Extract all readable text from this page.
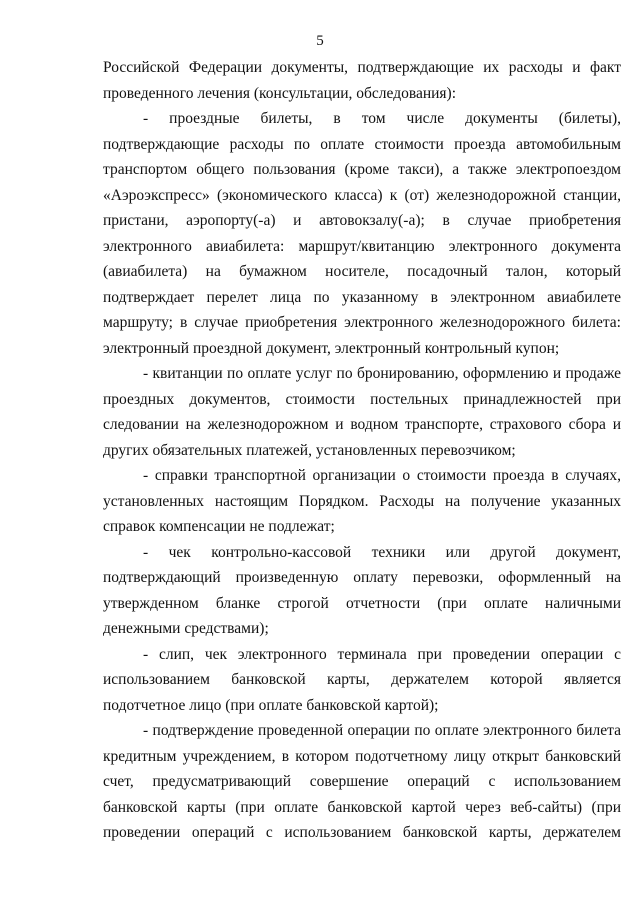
5
Российской Федерации документы, подтверждающие их расходы и факт
проведенного лечения (консультации, обследования):
- проездные билеты, в том числе документы (билеты),
подтверждающие расходы по оплате стоимости проезда автомобильным
транспортом общего пользования (кроме такси), а также электропоездом
«Аэроэкспресс» (экономического класса) к (от) железнодорожной станции,
пристани, аэропорту(-а) и автовокзалу(-а); в случае приобретения
электронного авиабилета: маршрут/квитанцию электронного документа
(авиабилета) на бумажном носителе, посадочный талон, который
подтверждает перелет лица по указанному в электронном авиабилете
маршруту; в случае приобретения электронного железнодорожного билета:
электронный проездной документ, электронный контрольный купон;
- квитанции по оплате услуг по бронированию, оформлению и продаже
проездных документов, стоимости постельных принадлежностей при
следовании на железнодорожном и водном транспорте, страхового сбора и
других обязательных платежей, установленных перевозчиком;
- справки транспортной организации о стоимости проезда в случаях,
установленных настоящим Порядком. Расходы на получение указанных
справок компенсации не подлежат;
- чек контрольно-кассовой техники или другой документ,
подтверждающий произведенную оплату перевозки, оформленный на
утвержденном бланке строгой отчетности (при оплате наличными
денежными средствами);
- слип, чек электронного терминала при проведении операции с
использованием банковской карты, держателем которой является
подотчетное лицо (при оплате банковской картой);
- подтверждение проведенной операции по оплате электронного билета
кредитным учреждением, в котором подотчетному лицу открыт банковский
счет, предусматривающий совершение операций с использованием
банковской карты (при оплате банковской картой через веб-сайты) (при
проведении операций с использованием банковской карты, держателем
